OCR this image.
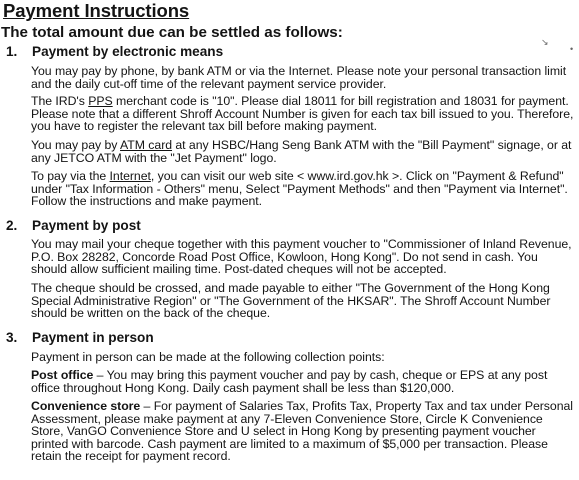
Payment Instructions
The total amount due can be settled as follows:
↘
•
1. Payment by electronic means
You may pay by phone, by bank ATM or via the Internet. Please note your personal transaction limit and the daily cut-off time of the relevant payment service provider.
The IRD's PPS merchant code is "10". Please dial 18011 for bill registration and 18031 for payment. Please note that a different Shroff Account Number is given for each tax bill issued to you. Therefore, you have to register the relevant tax bill before making payment.
You may pay by ATM card at any HSBC/Hang Seng Bank ATM with the "Bill Payment" signage, or at any JETCO ATM with the "Jet Payment" logo.
To pay via the Internet, you can visit our web site < www.ird.gov.hk >. Click on "Payment & Refund" under "Tax Information - Others" menu, Select "Payment Methods" and then "Payment via Internet". Follow the instructions and make payment.
2. Payment by post
You may mail your cheque together with this payment voucher to "Commissioner of Inland Revenue, P.O. Box 28282, Concorde Road Post Office, Kowloon, Hong Kong". Do not send in cash. You should allow sufficient mailing time. Post-dated cheques will not be accepted.
The cheque should be crossed, and made payable to either "The Government of the Hong Kong Special Administrative Region" or "The Government of the HKSAR". The Shroff Account Number should be written on the back of the cheque.
3. Payment in person
Payment in person can be made at the following collection points:
Post office – You may bring this payment voucher and pay by cash, cheque or EPS at any post office throughout Hong Kong. Daily cash payment shall be less than $120,000.
Convenience store – For payment of Salaries Tax, Profits Tax, Property Tax and tax under Personal Assessment, please make payment at any 7-Eleven Convenience Store, Circle K Convenience Store, VanGO Convenience Store and U select in Hong Kong by presenting payment voucher printed with barcode. Cash payment are limited to a maximum of $5,000 per transaction. Please retain the receipt for payment record.
